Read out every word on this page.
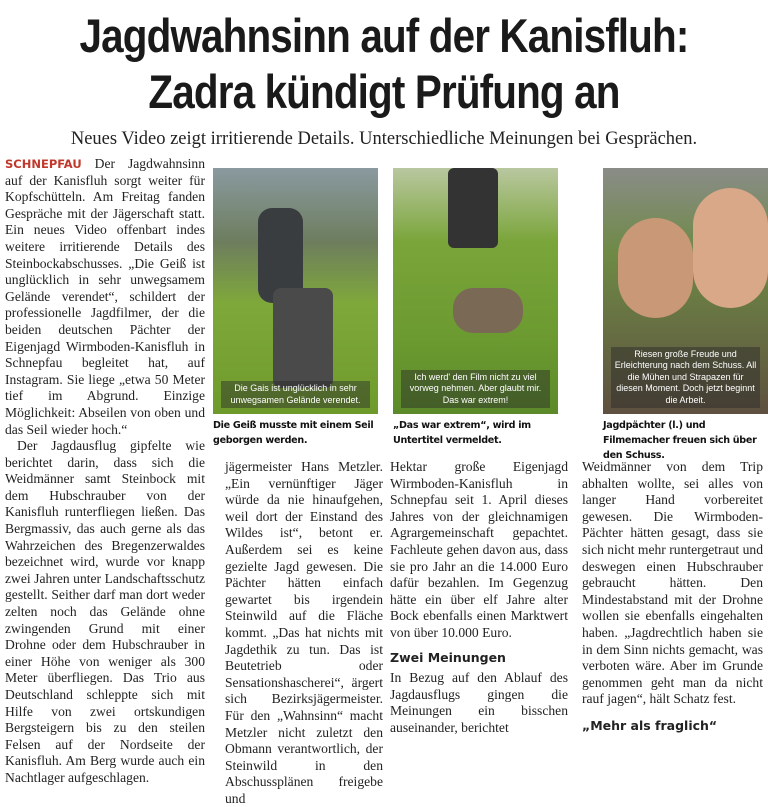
Jagdwahnsinn auf der Kanisfluh:
Zadra kündigt Prüfung an
Neues Video zeigt irritierende Details. Unterschiedliche Meinungen bei Gesprächen.

SCHNEPFAU Der Jagdwahnsinn auf der Kanisfluh sorgt weiter für Kopfschütteln. Am Freitag fanden Gespräche mit der Jägerschaft statt. Ein neues Video offenbart indes weitere irritierende Details des Steinbockabschusses. „Die Geiß ist unglücklich in sehr unwegsamem Gelände verendet“, schildert der professionelle Jagdfilmer, der die beiden deutschen Pächter der Eigenjagd Wirmboden-Kanisfluh in Schnepfau begleitet hat, auf Instagram. Sie liege „etwa 50 Meter tief im Abgrund. Einzige Möglichkeit: Abseilen von oben und das Seil wieder hoch.“

Der Jagdausflug gipfelte wie berichtet darin, dass sich die Weidmänner samt Steinbock mit dem Hubschrauber von der Kanisfluh runterfliegen ließen. Das Bergmassiv, das auch gerne als das Wahrzeichen des Bregenzerwaldes bezeichnet wird, wurde vor knapp zwei Jahren unter Landschaftsschutz gestellt. Seither darf man dort weder zelten noch das Gelände ohne zwingenden Grund mit einer Drohne oder dem Hubschrauber in einer Höhe von weniger als 300 Meter überfliegen. Das Trio aus Deutschland schleppte sich mit Hilfe von zwei ortskundigen Bergsteigern bis zu den steilen Felsen auf der Nordseite der Kanisfluh. Am Berg wurde auch ein Nachtlager aufgeschlagen.

Die Gais ist unglücklich in sehr unwegsamen Gelände verendet.
Ich werd' den Film nicht zu viel vorweg nehmen. Aber glaubt mir. Das war extrem!
Riesen große Freude und Erleichterung nach dem Schuss. All die Mühen und Strapazen für diesen Moment. Doch jetzt beginnt die Arbeit.
Die Geiß musste mit einem Seil geborgen werden.
„Das war extrem“, wird im Untertitel vermeldet.
Jagdpächter (l.) und Filmemacher freuen sich über den Schuss.

jägermeister Hans Metzler. „Ein vernünftiger Jäger würde da nie hinaufgehen, weil dort der Einstand des Wildes ist“, betont er. Außerdem sei es keine gezielte Jagd gewesen. Die Pächter hätten einfach gewartet bis irgendein Steinwild auf die Fläche kommt. „Das hat nichts mit Jagdethik zu tun. Das ist Beutetrieb oder Sensationshascherei“, ärgert sich Bezirksjägermeister. Für den „Wahnsinn“ macht Metzler nicht zuletzt den Obmann verantwortlich, der Steinwild in den Abschussplänen freigebe und

Hektar große Eigenjagd Wirmboden-Kanisfluh in Schnepfau seit 1. April dieses Jahres von der gleichnamigen Agrargemeinschaft gepachtet. Fachleute gehen davon aus, dass sie pro Jahr an die 14.000 Euro dafür bezahlen. Im Gegenzug hätte ein über elf Jahre alter Bock ebenfalls einen Marktwert von über 10.000 Euro.

Zwei Meinungen

In Bezug auf den Ablauf des Jagdausflugs gingen die Meinungen ein bisschen auseinander, berichtet

Weidmänner von dem Trip abhalten wollte, sei alles von langer Hand vorbereitet gewesen. Die Wirmboden-Pächter hätten gesagt, dass sie sich nicht mehr runtergetraut und deswegen einen Hubschrauber gebraucht hätten. Den Mindestabstand mit der Drohne wollen sie ebenfalls eingehalten haben. „Jagdrechtlich haben sie in dem Sinn nichts gemacht, was verboten wäre. Aber im Grunde genommen geht man da nicht rauf jagen“, hält Schatz fest.

„Mehr als fraglich“
